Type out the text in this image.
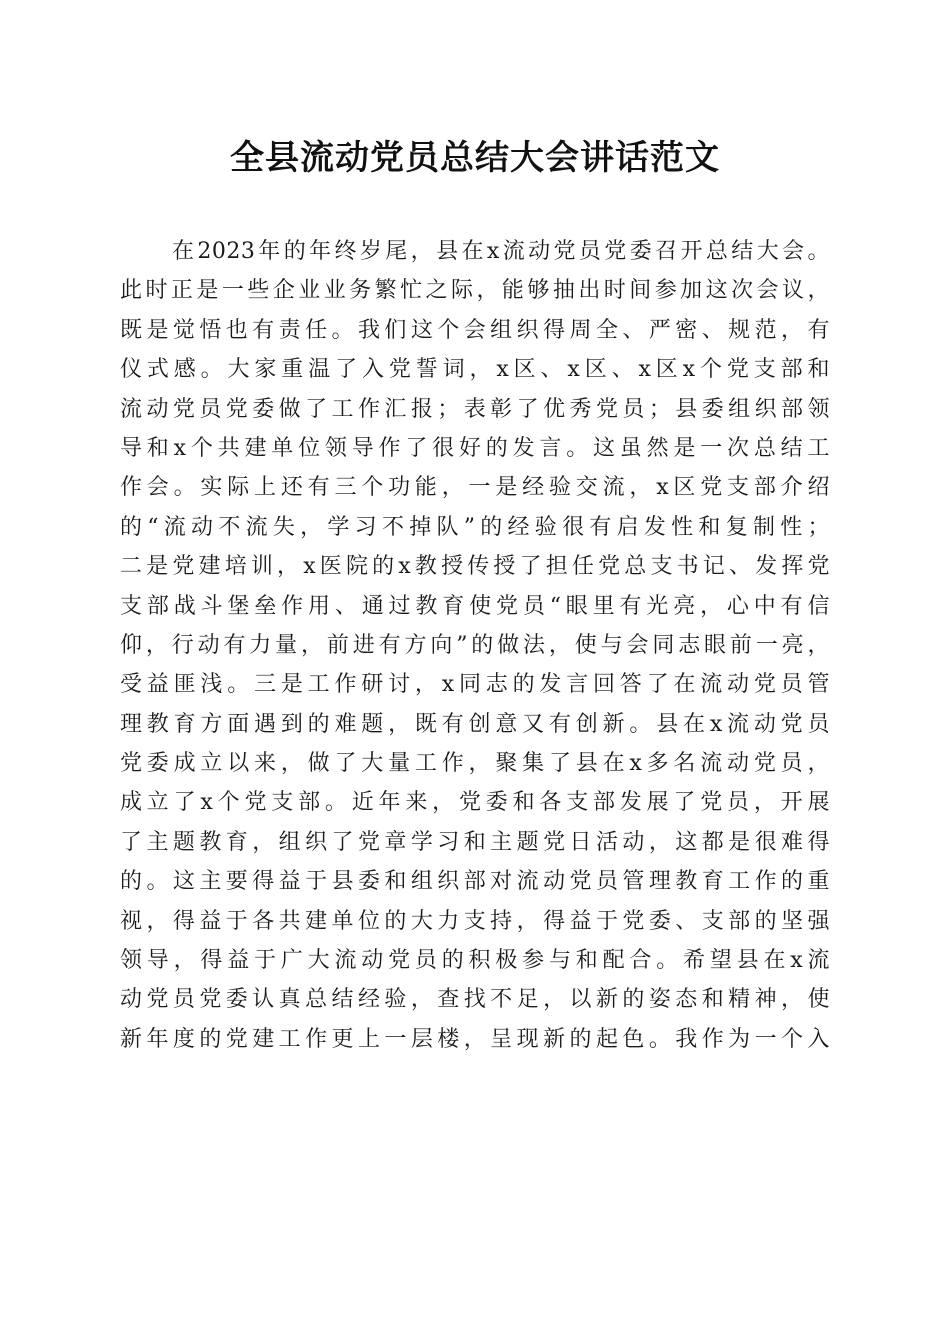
全县流动党员总结大会讲话范文
在2023年的年终岁尾，县在x流动党员党委召开总结大会。
此时正是一些企业业务繁忙之际，能够抽出时间参加这次会议，
既是觉悟也有责任。我们这个会组织得周全、严密、规范，有
仪式感。大家重温了入党誓词，x区、x区、x区x个党支部和
流动党员党委做了工作汇报；表彰了优秀党员；县委组织部领
导和x个共建单位领导作了很好的发言。这虽然是一次总结工
作会。实际上还有三个功能，一是经验交流，x区党支部介绍
的“流动不流失，学习不掉队”的经验很有启发性和复制性；
二是党建培训，x医院的x教授传授了担任党总支书记、发挥党
支部战斗堡垒作用、通过教育使党员“眼里有光亮，心中有信
仰，行动有力量，前进有方向”的做法，使与会同志眼前一亮，
受益匪浅。三是工作研讨，x同志的发言回答了在流动党员管
理教育方面遇到的难题，既有创意又有创新。县在x流动党员
党委成立以来，做了大量工作，聚集了县在x多名流动党员，
成立了x个党支部。近年来，党委和各支部发展了党员，开展
了主题教育，组织了党章学习和主题党日活动，这都是很难得
的。这主要得益于县委和组织部对流动党员管理教育工作的重
视，得益于各共建单位的大力支持，得益于党委、支部的坚强
领导，得益于广大流动党员的积极参与和配合。希望县在x流
动党员党委认真总结经验，查找不足，以新的姿态和精神，使
新年度的党建工作更上一层楼，呈现新的起色。我作为一个入
